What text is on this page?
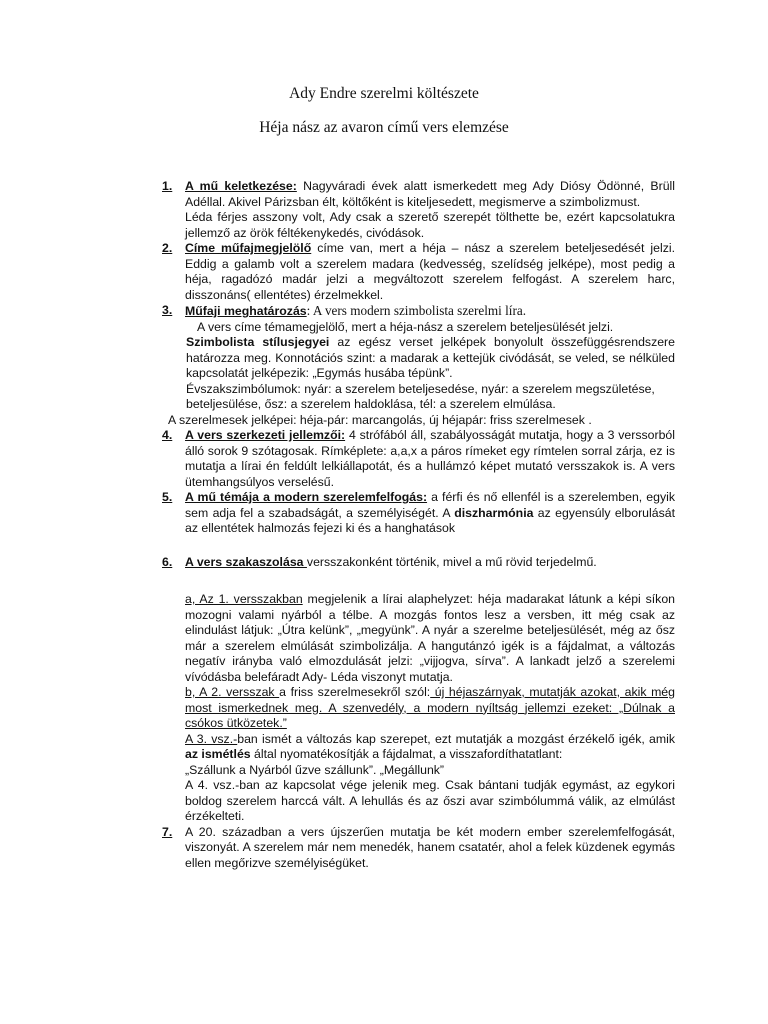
Ady Endre szerelmi költészete
Héja nász az avaron című vers elemzése
1. A mű keletkezése: Nagyváradi évek alatt ismerkedett meg Ady Diósy Ödönné, Brüll Adéllal. Akivel Párizsban élt, költőként is kiteljesedett, megismerve a szimbolizmust.
Léda férjes asszony volt, Ady csak a szerető szerepét tölthette be, ezért kapcsolatukra jellemző az örök féltékenykedés, civódások.
2. Címe műfajmegjelölő címe van, mert a héja – nász a szerelem beteljesedését jelzi. Eddig a galamb volt a szerelem madara (kedvesség, szelídség jelképe), most pedig a héja, ragadózó madár jelzi a megváltozott szerelem felfogást. A szerelem harc, disszonáns( ellentétes) érzelmekkel.
3. Műfaji meghatározás: A vers modern szimbolista szerelmi líra.
A vers címe témamegjelölő, mert a héja-nász a szerelem beteljesülését jelzi.
Szimbolista stílusjegyei az egész verset jelképek bonyolult összefüggésrendszere határozza meg. Konnotációs szint: a madarak a kettejük civódását, se veled, se nélküled kapcsolatát jelképezik: „Egymás husába tépünk”.
Évszakszimbólumok: nyár: a szerelem beteljesedése, nyár: a szerelem megszületése, beteljesülése, ősz: a szerelem haldoklása, tél: a szerelem elmúlása.
A szerelmesek jelképei: héja-pár: marcangolás, új héjapár: friss szerelmesek .
4. A vers szerkezeti jellemzői: 4 strófából áll, szabályosságát mutatja, hogy a 3 verssorból álló sorok 9 szótagosak. Rímképlete: a,a,x a páros rímeket egy rímtelen sorral zárja, ez is mutatja a lírai én feldúlt lelkiállapotát, és a hullámzó képet mutató versszakok is. A vers ütemhangsúlyos verselésű.
5. A mű témája a modern szerelemfelfogás: a férfi és nő ellenfél is a szerelemben, egyik sem adja fel a szabadságát, a személyiségét. A diszharmónia az egyensúly elborulását az ellentétek halmozás fejezi ki és a hanghatások
6. A vers szakaszolása versszakonként történik, mivel a mű rövid terjedelmű.
a, Az 1. versszakban megjelenik a lírai alaphelyzet: héja madarakat látunk a képi síkon mozogni valami nyárból a télbe. A mozgás fontos lesz a versben, itt még csak az elindulást látjuk: „Útra kelünk”, „megyünk”. A nyár a szerelme beteljesülését, még az ősz már a szerelem elmúlását szimbolizálja. A hangutánzó igék is a fájdalmat, a változás negatív irányba való elmozdulását jelzi: „vijjogva, sírva”. A lankadt jelző a szerelemi vívódásba belefáradt Ady- Léda viszonyt mutatja.
b, A 2. versszak a friss szerelmesekről szól: új héjaszárnyak, mutatják azokat, akik még most ismerkednek meg. A szenvedély, a modern nyíltság jellemzi ezeket: „Dúlnak a csókos ütközetek.”
A 3. vsz.-ban ismét a változás kap szerepet, ezt mutatják a mozgást érzékelő igék, amik az ismétlés által nyomatékosítják a fájdalmat, a visszafordíthatatlant:
„Szállunk a Nyárból űzve szállunk”. „Megállunk”
A 4. vsz.-ban az kapcsolat vége jelenik meg. Csak bántani tudják egymást, az egykori boldog szerelem harccá vált. A lehullás és az őszi avar szimbólummá válik, az elmúlást érzékelteti.
7. A 20. században a vers újszerűen mutatja be két modern ember szerelemfelfogását, viszonyát. A szerelem már nem menedék, hanem csatatér, ahol a felek küzdenek egymás ellen megőrizve személyiségüket.
